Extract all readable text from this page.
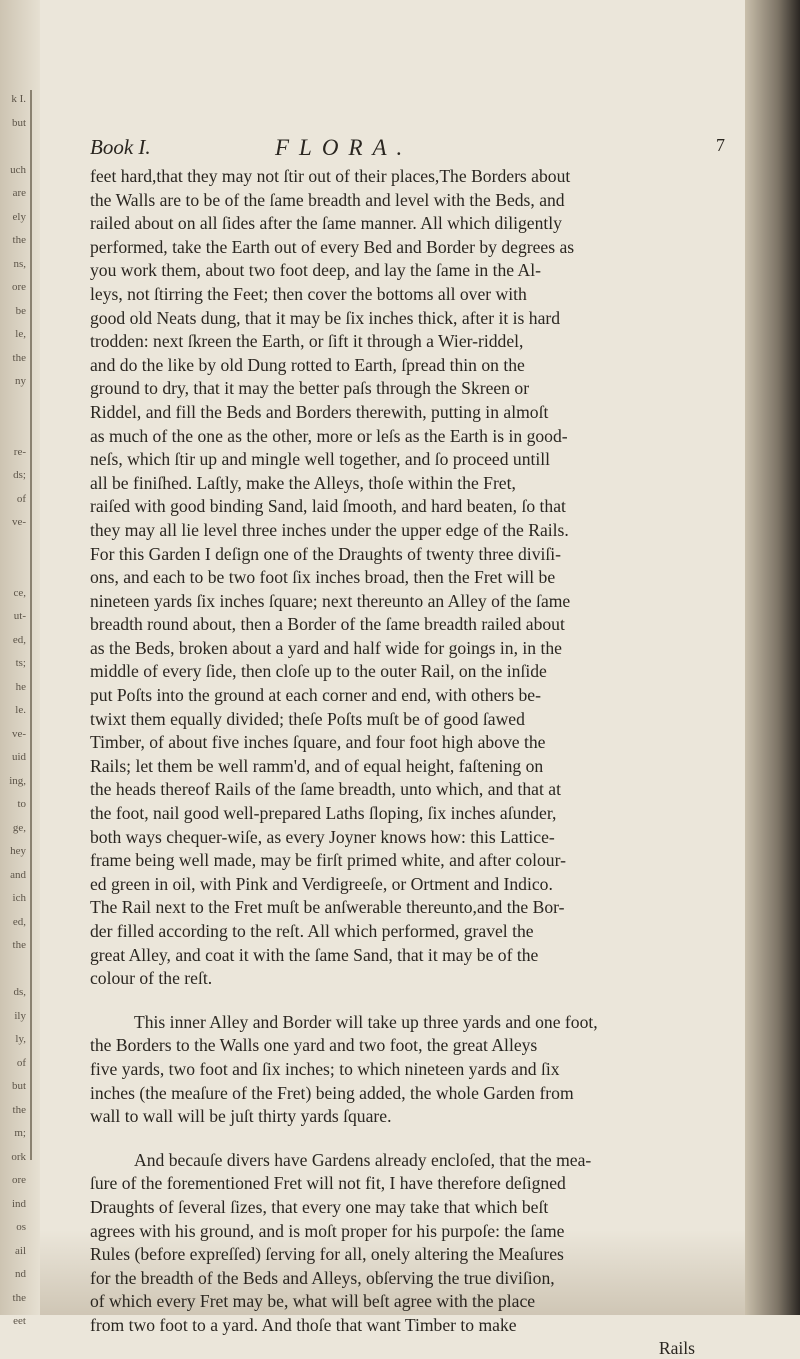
k I.
but
uch
are
ely
the
ns,
ore
be
le,
the
ny
re-
ds;
of
ve-
ce,
ut-
ed,
ts;
he
le.
ve-
uid
ing,
to
ge,
hey
and
ich
ed,
the
ds,
ily
ly,
of
but
the
m;
ork
ore
ind
os
ail
nd
the
eet
Book I.	FLORA.	7
feet hard,that they may not ſtir out of their places,The Borders about
the Walls are to be of the ſame breadth and level with the Beds, and
railed about on all ſides after the ſame manner. All which diligently
performed, take the Earth out of every Bed and Border by degrees as
you work them, about two foot deep, and lay the ſame in the Al-
leys, not ſtirring the Feet; then cover the bottoms all over with
good old Neats dung, that it may be ſix inches thick, after it is hard
trodden: next ſkreen the Earth, or ſift it through a Wier-riddel,
and do the like by old Dung rotted to Earth, ſpread thin on the
ground to dry, that it may the better paſs through the Skreen or
Riddel, and fill the Beds and Borders therewith, putting in almoſt
as much of the one as the other, more or leſs as the Earth is in good-
neſs, which ſtir up and mingle well together, and ſo proceed untill
all be finiſhed. Laſtly, make the Alleys, thoſe within the Fret,
raiſed with good binding Sand, laid ſmooth, and hard beaten, ſo that
they may all lie level three inches under the upper edge of the Rails.
For this Garden I deſign one of the Draughts of twenty three diviſi-
ons, and each to be two foot ſix inches broad, then the Fret will be
nineteen yards ſix inches ſquare; next thereunto an Alley of the ſame
breadth round about, then a Border of the ſame breadth railed about
as the Beds, broken about a yard and half wide for goings in, in the
middle of every ſide, then cloſe up to the outer Rail, on the inſide
put Poſts into the ground at each corner and end, with others be-
twixt them equally divided; theſe Poſts muſt be of good ſawed
Timber, of about five inches ſquare, and four foot high above the
Rails; let them be well ramm'd, and of equal height, faſtening on
the heads thereof Rails of the ſame breadth, unto which, and that at
the foot, nail good well-prepared Laths ſloping, ſix inches aſunder,
both ways chequer-wiſe, as every Joyner knows how: this Lattice-
frame being well made, may be firſt primed white, and after colour-
ed green in oil, with Pink and Verdigreeſe, or Ortment and Indico.
The Rail next to the Fret muſt be anſwerable thereunto,and the Bor-
der filled according to the reſt. All which performed, gravel the
great Alley, and coat it with the ſame Sand, that it may be of the
colour of the reſt.
This inner Alley and Border will take up three yards and one foot,
the Borders to the Walls one yard and two foot, the great Alleys
five yards, two foot and ſix inches; to which nineteen yards and ſix
inches (the meaſure of the Fret) being added, the whole Garden from
wall to wall will be juſt thirty yards ſquare.
And becauſe divers have Gardens already encloſed, that the mea-
ſure of the forementioned Fret will not fit, I have therefore deſigned
Draughts of ſeveral ſizes, that every one may take that which beſt
agrees with his ground, and is moſt proper for his purpoſe: the ſame
Rules (before expreſſed) ſerving for all, onely altering the Meaſures
for the breadth of the Beds and Alleys, obſerving the true diviſion,
of which every Fret may be, what will beſt agree with the place
from two foot to a yard. And thoſe that want Timber to make
Rails
